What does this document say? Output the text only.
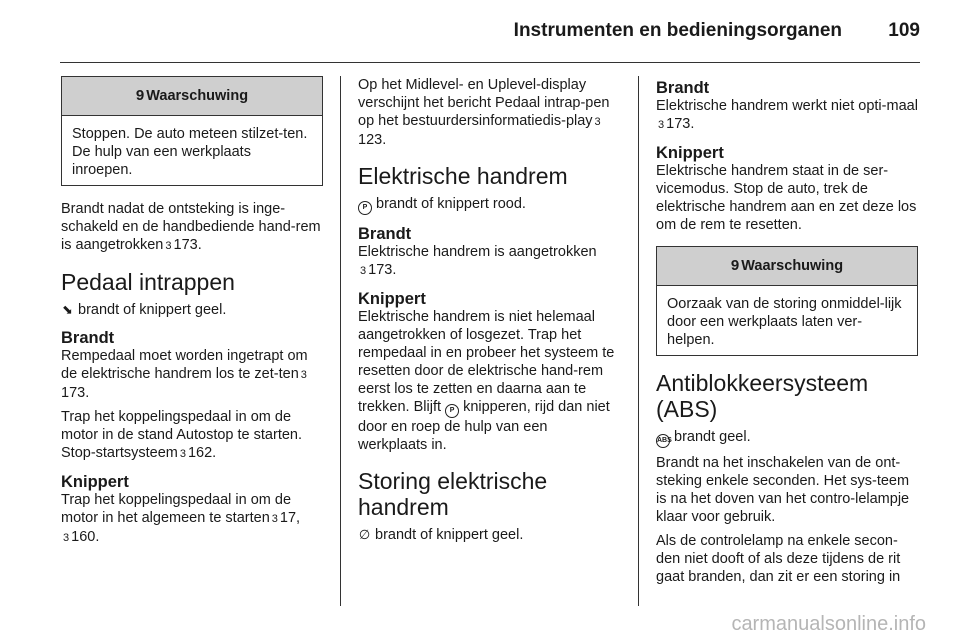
Instrumenten en bedieningsorganen 109
9 Waarschuwing
Stoppen. De auto meteen stilzet-ten. De hulp van een werkplaats inroepen.

Brandt nadat de ontsteking is inge-schakeld en de handbediende hand-rem is aangetrokken 3 173.

Pedaal intrappen

⬊ brandt of knippert geel.

Brandt

Rempedaal moet worden ingetrapt om de elektrische handrem los te zet-ten 3173.

Trap het koppelingspedaal in om de motor in de stand Autostop te starten. Stop-startsysteem 3 162.

Knippert

Trap het koppelingspedaal in om de motor in het algemeen te starten 3 17,
3 160.

Op het Midlevel- en Uplevel-display verschijnt het bericht Pedaal intrap-pen op het bestuurdersinformatiedis-play 3123.

Elektrische handrem

P brandt of knippert rood.

Brandt

Elektrische handrem is aangetrokken
3 173.

Knippert

Elektrische handrem is niet helemaal aangetrokken of losgezet. Trap het rempedaal in en probeer het systeem te resetten door de elektrische hand-rem eerst los te zetten en daarna aan te trekken. Blijft P knipperen, rijd dan niet door en roep de hulp van een werkplaats in.

Storing elektrische
handrem

∅ brandt of knippert geel.

Brandt

Elektrische handrem werkt niet opti-maal3 173.

Knippert

Elektrische handrem staat in de ser-vicemodus. Stop de auto, trek de elektrische handrem aan en zet deze los om de rem te resetten.

9 Waarschuwing
Oorzaak van de storing onmiddel-lijk door een werkplaats laten ver-helpen.
Antiblokkeersysteem
(ABS)

ABS brandt geel.

Brandt na het inschakelen van de ont-steking enkele seconden. Het sys-teem is na het doven van het contro-lelampje klaar voor gebruik.

Als de controlelamp na enkele secon-den niet dooft of als deze tijdens de rit gaat branden, dan zit er een storing in

carmanualsonline.info
